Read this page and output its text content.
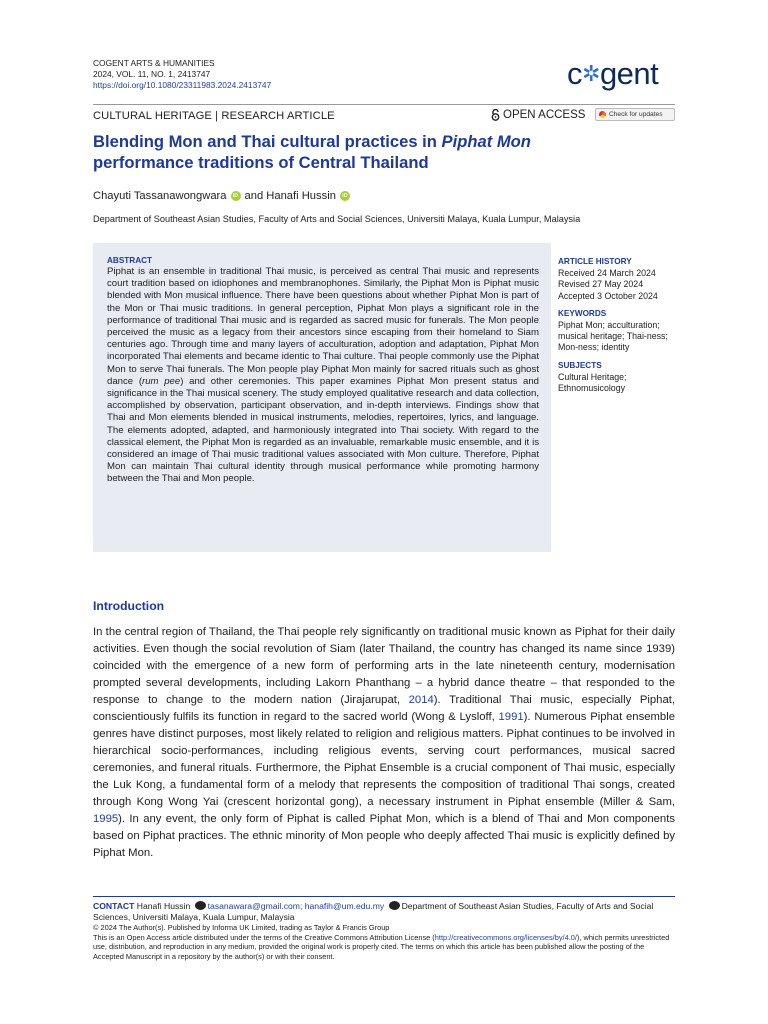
COGENT ARTS & HUMANITIES
2024, VOL. 11, NO. 1, 2413747
https://doi.org/10.1080/23311983.2024.2413747	c✲gent
CULTURAL HERITAGE | RESEARCH ARTICLE	OPEN ACCESS	Check for updates
Blending Mon and Thai cultural practices in Piphat Mon performance traditions of Central Thailand
Chayuti Tassanawongwara	iD and Hanafi Hussin	iD
Department of Southeast Asian Studies, Faculty of Arts and Social Sciences, Universiti Malaya, Kuala Lumpur, Malaysia
ABSTRACT
Piphat is an ensemble in traditional Thai music, is perceived as central Thai music and represents court tradition based on idiophones and membranophones. Similarly, the Piphat Mon is Piphat music blended with Mon musical influence. There have been questions about whether Piphat Mon is part of the Mon or Thai music traditions. In general perception, Piphat Mon plays a significant role in the performance of traditional Thai music and is regarded as sacred music for funerals. The Mon people perceived the music as a legacy from their ancestors since escaping from their homeland to Siam centuries ago. Through time and many layers of acculturation, adoption and adaptation, Piphat Mon incorporated Thai elements and became identic to Thai culture. Thai people commonly use the Piphat Mon to serve Thai funerals. The Mon people play Piphat Mon mainly for sacred rituals such as ghost dance (rum pee) and other ceremonies. This paper examines Piphat Mon present status and significance in the Thai musical scenery. The study employed qualitative research and data collection, accomplished by observation, participant observation, and in-depth interviews. Findings show that Thai and Mon elements blended in musical instruments, melodies, repertoires, lyrics, and language. The elements adopted, adapted, and harmoniously integrated into Thai society. With regard to the classical element, the Piphat Mon is regarded as an invaluable, remarkable music ensemble, and it is considered an image of Thai music traditional values associated with Mon culture. Therefore, Piphat Mon can maintain Thai cultural identity through musical performance while promoting harmony between the Thai and Mon people.
ARTICLE HISTORY
Received 24 March 2024
Revised 27 May 2024
Accepted 3 October 2024
KEYWORDS
Piphat Mon; acculturation; musical heritage; Thai-ness; Mon-ness; identity
SUBJECTS
Cultural Heritage; Ethnomusicology
Introduction
In the central region of Thailand, the Thai people rely significantly on traditional music known as Piphat for their daily activities. Even though the social revolution of Siam (later Thailand, the country has changed its name since 1939) coincided with the emergence of a new form of performing arts in the late nineteenth century, modernisation prompted several developments, including Lakorn Phanthang – a hybrid dance theatre – that responded to the response to change to the modern nation (Jirajarupat, 2014). Traditional Thai music, especially Piphat, conscientiously fulfils its function in regard to the sacred world (Wong & Lysloff, 1991). Numerous Piphat ensemble genres have distinct purposes, most likely related to religion and religious matters. Piphat continues to be involved in hierarchical socio-performances, including religious events, serving court performances, musical sacred ceremonies, and funeral rituals. Furthermore, the Piphat Ensemble is a crucial component of Thai music, especially the Luk Kong, a fundamental form of a melody that represents the composition of traditional Thai songs, created through Kong Wong Yai (crescent horizontal gong), a necessary instrument in Piphat ensemble (Miller & Sam, 1995). In any event, the only form of Piphat is called Piphat Mon, which is a blend of Thai and Mon components based on Piphat practices. The ethnic minority of Mon people who deeply affected Thai music is explicitly defined by Piphat Mon.
CONTACT Hanafi Hussin tasanawara@gmail.com; hanafih@um.edu.my Department of Southeast Asian Studies, Faculty of Arts and Social Sciences, Universiti Malaya, Kuala Lumpur, Malaysia
© 2024 The Author(s). Published by Informa UK Limited, trading as Taylor & Francis Group
This is an Open Access article distributed under the terms of the Creative Commons Attribution License (http://creativecommons.org/licenses/by/4.0/), which permits unrestricted use, distribution, and reproduction in any medium, provided the original work is properly cited. The terms on which this article has been published allow the posting of the Accepted Manuscript in a repository by the author(s) or with their consent.
